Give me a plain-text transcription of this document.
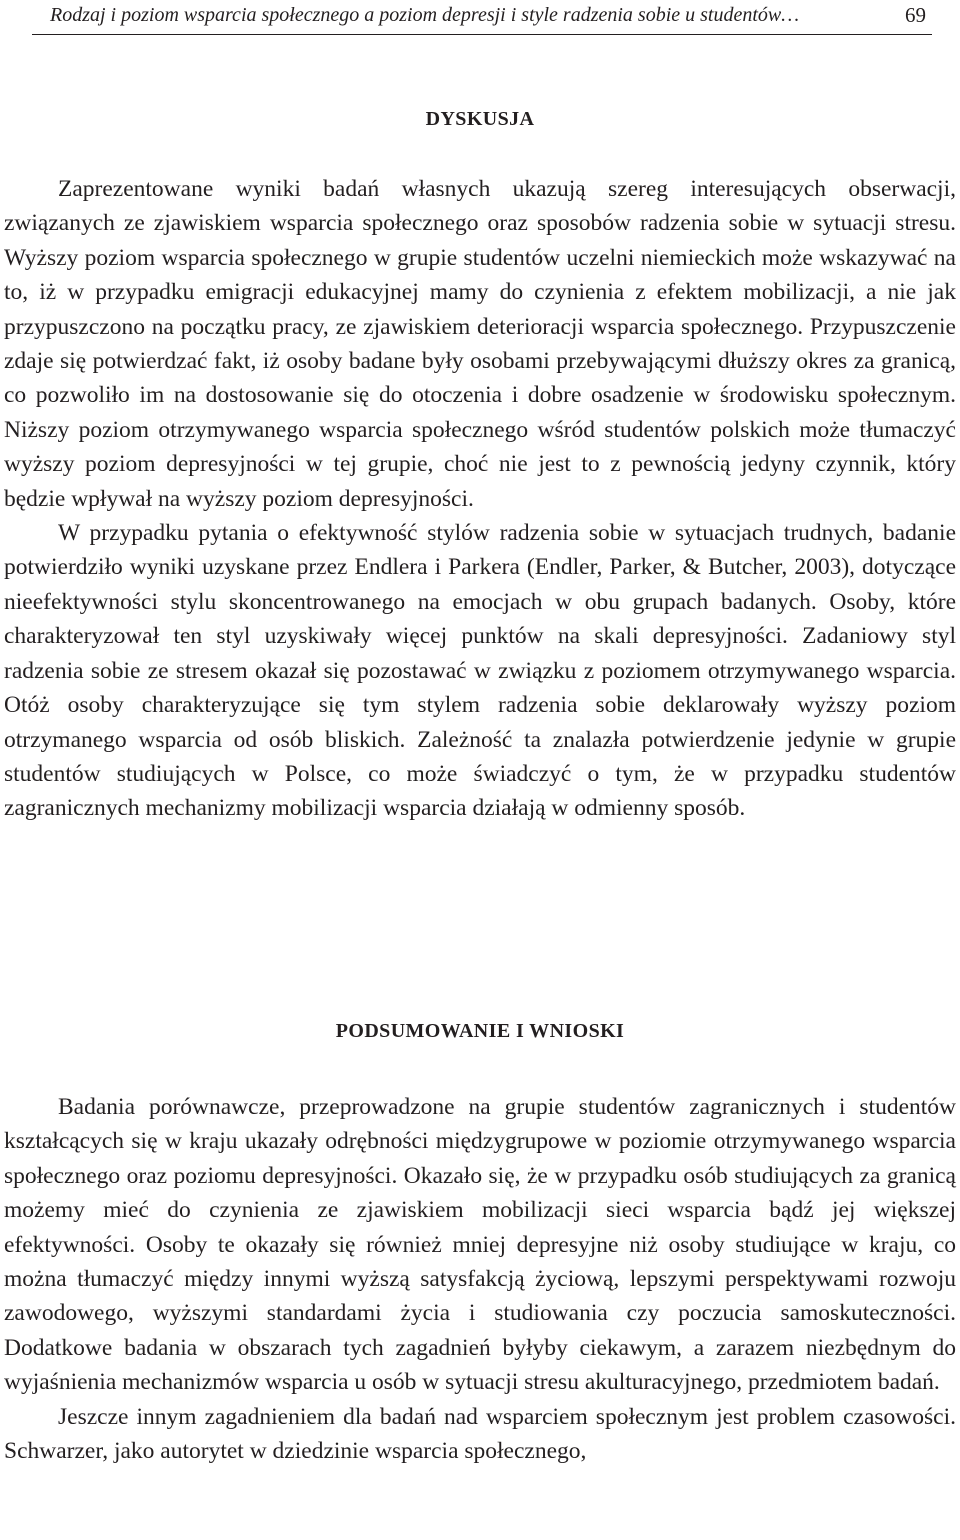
Rodzaj i poziom wsparcia społecznego a poziom depresji i style radzenia sobie u studentów…	69
DYSKUSJA

Zaprezentowane wyniki badań własnych ukazują szereg interesujących obserwacji, związanych ze zjawiskiem wsparcia społecznego oraz sposobów radzenia sobie w sytuacji stresu. Wyższy poziom wsparcia społecznego w grupie studentów uczelni niemieckich może wskazywać na to, iż w przypadku emigracji edukacyjnej mamy do czynienia z efektem mobilizacji, a nie jak przypuszczono na początku pracy, ze zjawiskiem deterioracji wsparcia społecznego. Przypuszczenie zdaje się potwierdzać fakt, iż osoby badane były osobami przebywającymi dłuższy okres za granicą, co pozwoliło im na dostosowanie się do otoczenia i dobre osadzenie w środowisku społecznym. Niższy poziom otrzymywanego wsparcia społecznego wśród studentów polskich może tłumaczyć wyższy poziom depresyjności w tej grupie, choć nie jest to z pewnością jedyny czynnik, który będzie wpływał na wyższy poziom depresyjności.

W przypadku pytania o efektywność stylów radzenia sobie w sytuacjach trudnych, badanie potwierdziło wyniki uzyskane przez Endlera i Parkera (Endler, Parker, & Butcher, 2003), dotyczące nieefektywności stylu skoncentrowanego na emocjach w obu grupach badanych. Osoby, które charakteryzował ten styl uzyskiwały więcej punktów na skali depresyjności. Zadaniowy styl radzenia sobie ze stresem okazał się pozostawać w związku z poziomem otrzymywanego wsparcia. Otóż osoby charakteryzujące się tym stylem radzenia sobie deklarowały wyższy poziom otrzymanego wsparcia od osób bliskich. Zależność ta znalazła potwierdzenie jedynie w grupie studentów studiujących w Polsce, co może świadczyć o tym, że w przypadku studentów zagranicznych mechanizmy mobilizacji wsparcia działają w odmienny sposób.

PODSUMOWANIE I WNIOSKI

Badania porównawcze, przeprowadzone na grupie studentów zagranicznych i studentów kształcących się w kraju ukazały odrębności międzygrupowe w poziomie otrzymywanego wsparcia społecznego oraz poziomu depresyjności. Okazało się, że w przypadku osób studiujących za granicą możemy mieć do czynienia ze zjawiskiem mobilizacji sieci wsparcia bądź jej większej efektywności. Osoby te okazały się również mniej depresyjne niż osoby studiujące w kraju, co można tłumaczyć między innymi wyższą satysfakcją życiową, lepszymi perspektywami rozwoju zawodowego, wyższymi standardami życia i studiowania czy poczucia samoskuteczności. Dodatkowe badania w obszarach tych zagadnień byłyby ciekawym, a zarazem niezbędnym do wyjaśnienia mechanizmów wsparcia u osób w sytuacji stresu akulturacyjnego, przedmiotem badań.

Jeszcze innym zagadnieniem dla badań nad wsparciem społecznym jest problem czasowości. Schwarzer, jako autorytet w dziedzinie wsparcia społecznego,
